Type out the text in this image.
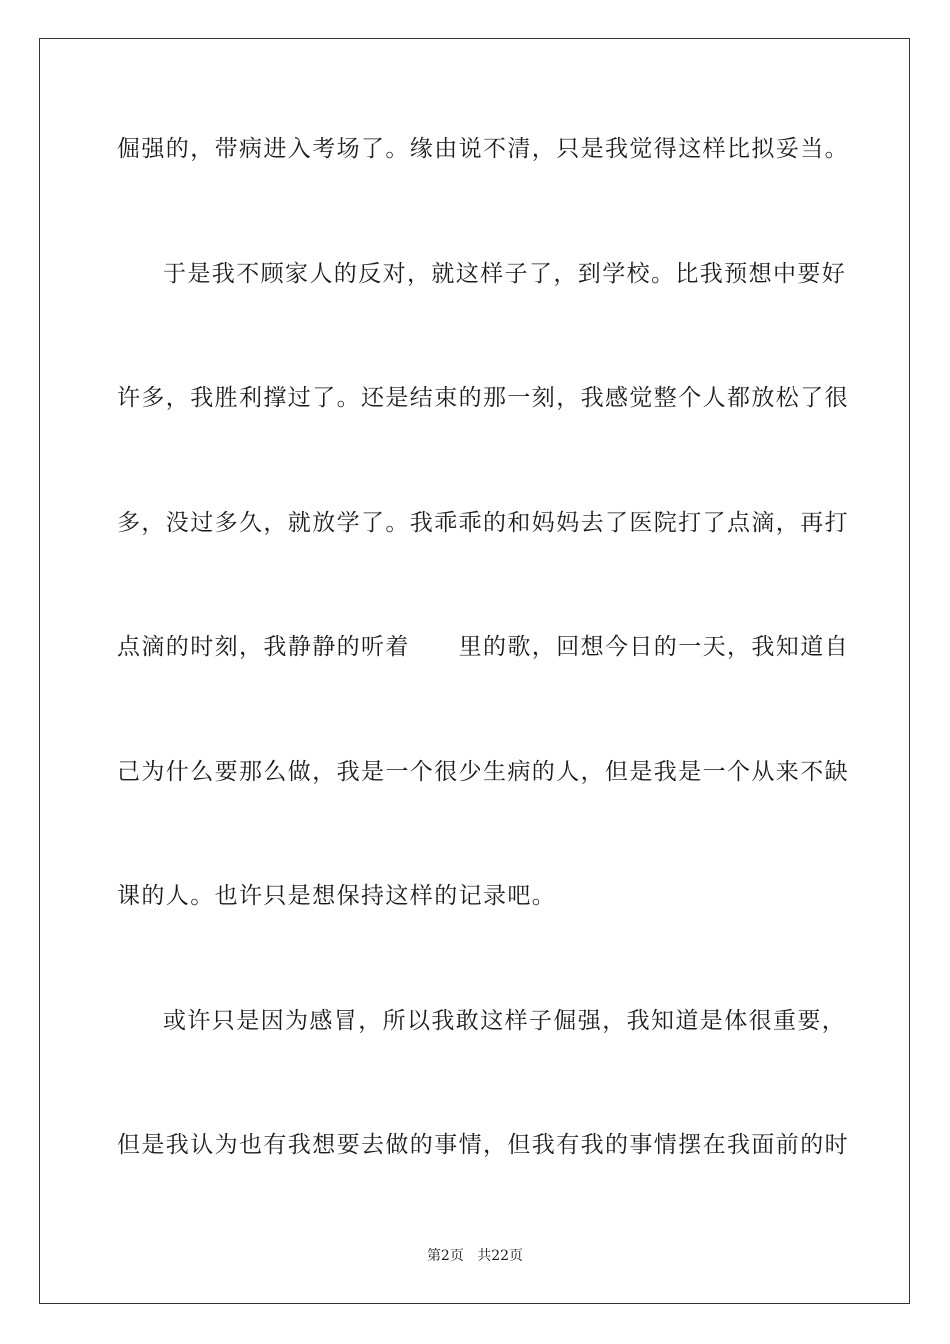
倔强的，带病进入考场了。缘由说不清，只是我觉得这样比拟妥当。
于是我不顾家人的反对，就这样子了，到学校。比我预想中要好
许多，我胜利撑过了。还是结束的那一刻，我感觉整个人都放松了很
多，没过多久，就放学了。我乖乖的和妈妈去了医院打了点滴，再打
点滴的时刻，我静静的听着　　里的歌，回想今日的一天，我知道自
己为什么要那么做，我是一个很少生病的人，但是我是一个从来不缺
课的人。也许只是想保持这样的记录吧。
或许只是因为感冒，所以我敢这样子倔强，我知道是体很重要，
但是我认为也有我想要去做的事情，但我有我的事情摆在我面前的时
第2页 共22页
